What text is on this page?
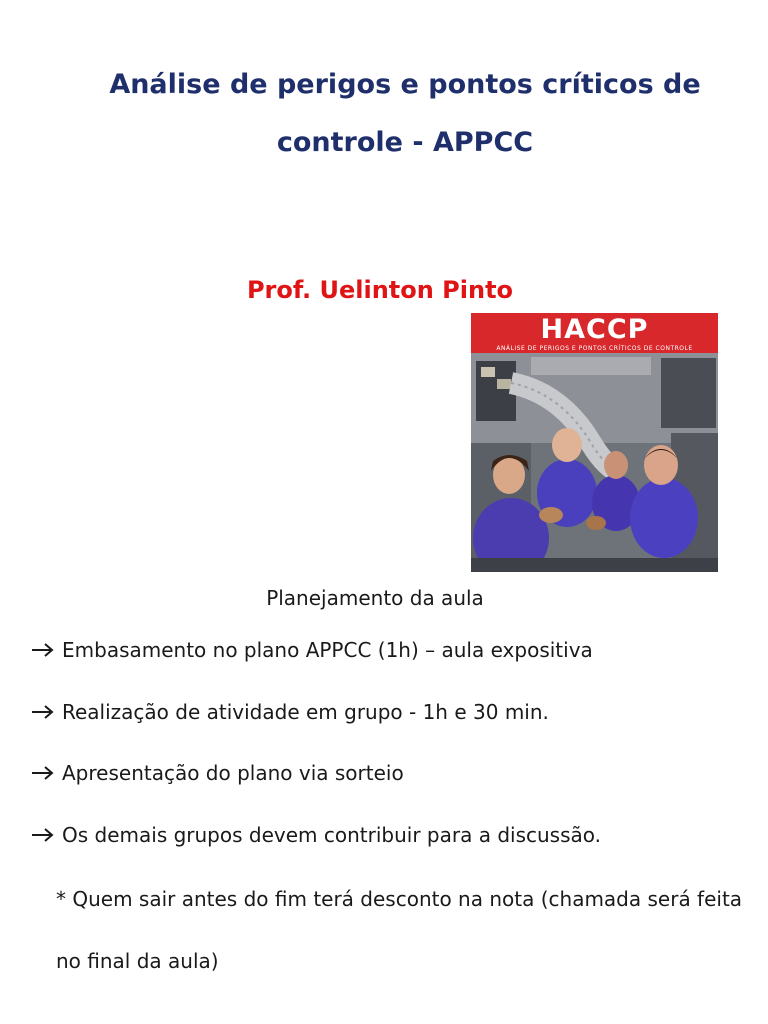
Análise de perigos e pontos críticos de controle - APPCC
Prof. Uelinton Pinto
HACCP
ANÁLISE DE PERIGOS E PONTOS CRÍTICOS DE CONTROLE
Planejamento da aula
Embasamento no plano APPCC (1h) – aula expositiva
Realização de atividade em grupo - 1h e 30 min.
Apresentação do plano via sorteio
Os demais grupos devem contribuir para a discussão.

* Quem sair antes do fim terá desconto na nota (chamada será feita no final da aula)
